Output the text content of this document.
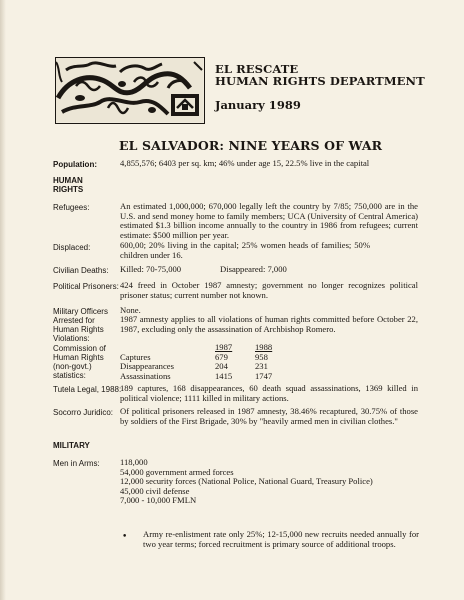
EL RESCATE
HUMAN RIGHTS DEPARTMENT
January 1989
EL SALVADOR: NINE YEARS OF WAR
Population:	4,855,576; 6403 per sq. km; 46% under age 15, 22.5% live in the capital
HUMAN
RIGHTS
Refugees:	An estimated 1,000,000; 670,000 legally left the country by 7/85; 750,000 are in the U.S. and send money home to family members; UCA (University of Central America) estimated $1.3 billion income annually to the country in 1986 from refugees; current estimate: $500 million per year.
Displaced:	600,00; 20% living in the capital; 25% women heads of families; 50% children under 16.
Civilian Deaths: Killed: 70-75,000	Disappeared: 7,000
Political Prisoners: 424 freed in October 1987 amnesty; government no longer recognizes political prisoner status; current number not known.
Military Officers
Arrested for
Human Rights
Violations:
None.
1987 amnesty applies to all violations of human rights committed before October 22, 1987, excluding only the assassination of Archbishop Romero.
Commission of
Human Rights
(non-govt.)
statistics:
	1987	1988
Captures	679	958
Disappearances	204	231
Assassinations	1415	1747
Tutela Legal, 1988:
189 captures, 168 disappearances, 60 death squad assassinations, 1369 killed in political violence; 1111 killed in military actions.
Socorro Juridico: Of political prisoners released in 1987 amnesty, 38.46% recaptured, 30.75% of those by soldiers of the First Brigade, 30% by "heavily armed men in civilian clothes."
MILITARY
Men in Arms: 118,000
54,000 government armed forces
12,000 security forces (National Police, National Guard, Treasury Police)
45,000 civil defense
7,000 - 10,000 FMLN
• Army re-enlistment rate only 25%; 12-15,000 new recruits needed annually for two year terms; forced recruitment is primary source of additional troops.
